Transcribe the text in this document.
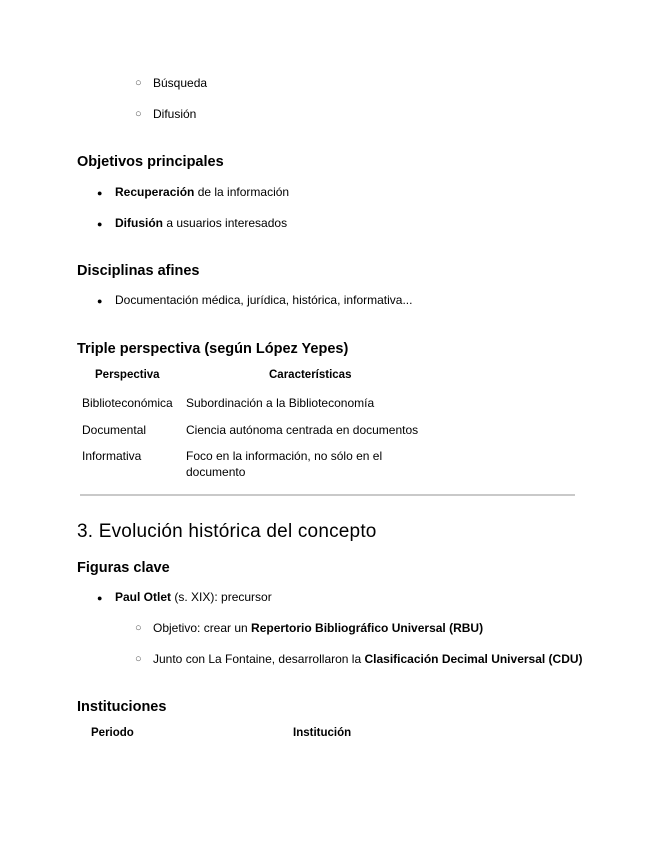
○ Búsqueda
○ Difusión
Objetivos principales
● Recuperación de la información
● Difusión a usuarios interesados
Disciplinas afines
● Documentación médica, jurídica, histórica, informativa...
Triple perspectiva (según López Yepes)
Perspectiva	Características
Biblioteconómica Subordinación a la Biblioteconomía
Documental	Ciencia autónoma centrada en documentos
Informativa	Foco en la información, no sólo en el
documento
3. Evolución histórica del concepto
Figuras clave
● Paul Otlet (s. XIX): precursor
○ Objetivo: crear un Repertorio Bibliográfico Universal (RBU)
○ Junto con La Fontaine, desarrollaron la Clasificación Decimal Universal (CDU)
Instituciones
Periodo	Institución
